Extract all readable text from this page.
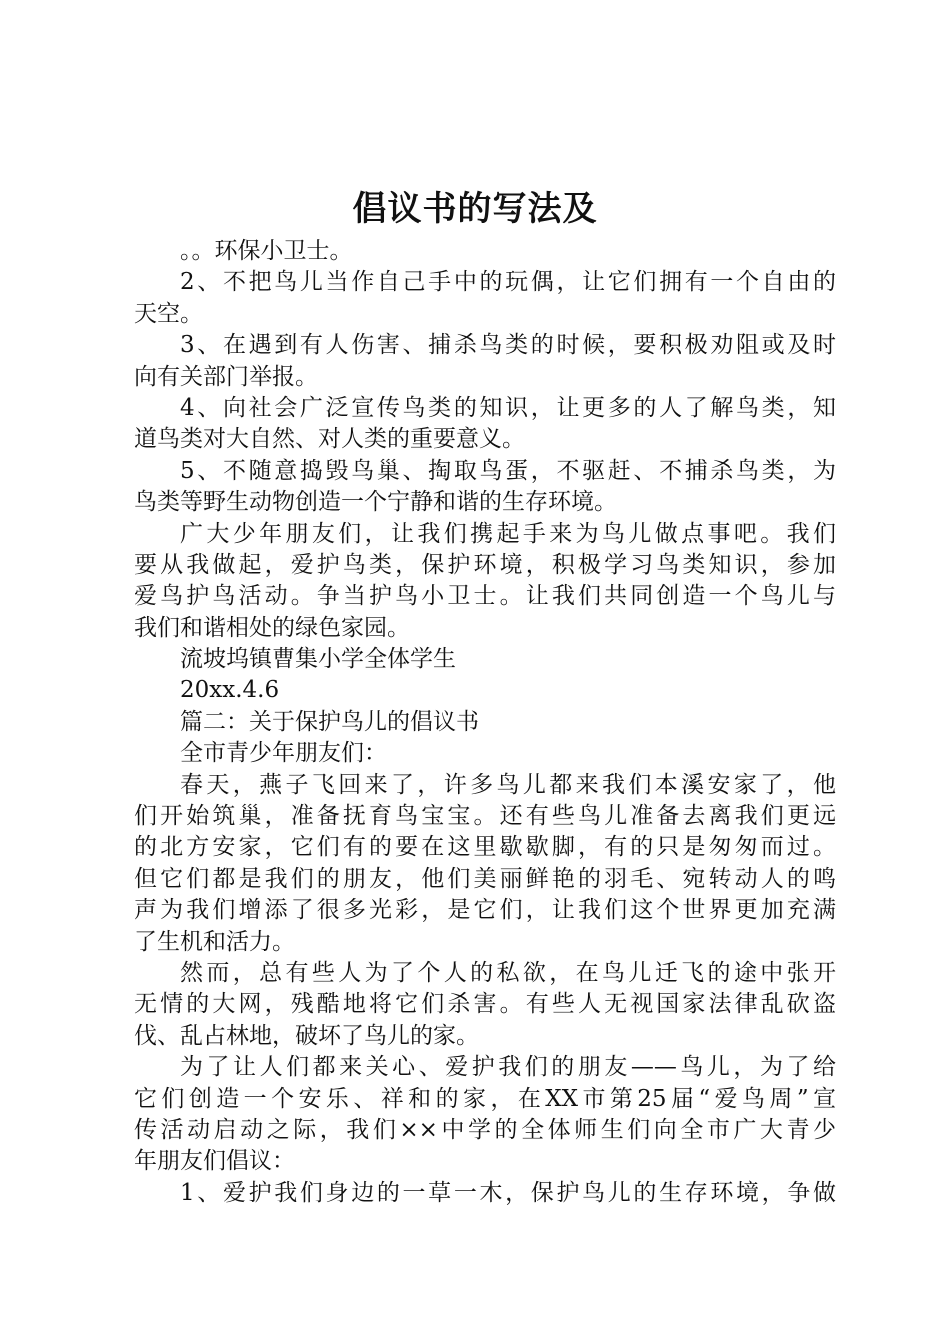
倡议书的写法及
。。环保小卫士。
2、不把鸟儿当作自己手中的玩偶，让它们拥有一个自由的
天空。
3、在遇到有人伤害、捕杀鸟类的时候，要积极劝阻或及时
向有关部门举报。
4、向社会广泛宣传鸟类的知识，让更多的人了解鸟类，知
道鸟类对大自然、对人类的重要意义。
5、不随意捣毁鸟巢、掏取鸟蛋，不驱赶、不捕杀鸟类，为
鸟类等野生动物创造一个宁静和谐的生存环境。
广大少年朋友们，让我们携起手来为鸟儿做点事吧。我们
要从我做起，爱护鸟类，保护环境，积极学习鸟类知识，参加
爱鸟护鸟活动。争当护鸟小卫士。让我们共同创造一个鸟儿与
我们和谐相处的绿色家园。
流坡坞镇曹集小学全体学生
20xx.4.6
篇二：关于保护鸟儿的倡议书
全市青少年朋友们：
春天，燕子飞回来了，许多鸟儿都来我们本溪安家了，他
们开始筑巢，准备抚育鸟宝宝。还有些鸟儿准备去离我们更远
的北方安家，它们有的要在这里歇歇脚，有的只是匆匆而过。
但它们都是我们的朋友，他们美丽鲜艳的羽毛、宛转动人的鸣
声为我们增添了很多光彩，是它们，让我们这个世界更加充满
了生机和活力。
然而，总有些人为了个人的私欲，在鸟儿迁飞的途中张开
无情的大网，残酷地将它们杀害。有些人无视国家法律乱砍盗
伐、乱占林地，破坏了鸟儿的家。
为了让人们都来关心、爱护我们的朋友——鸟儿，为了给
它们创造一个安乐、祥和的家，在XX市第25届“爱鸟周”宣
传活动启动之际，我们××中学的全体师生们向全市广大青少
年朋友们倡议：
1、爱护我们身边的一草一木，保护鸟儿的生存环境，争做
